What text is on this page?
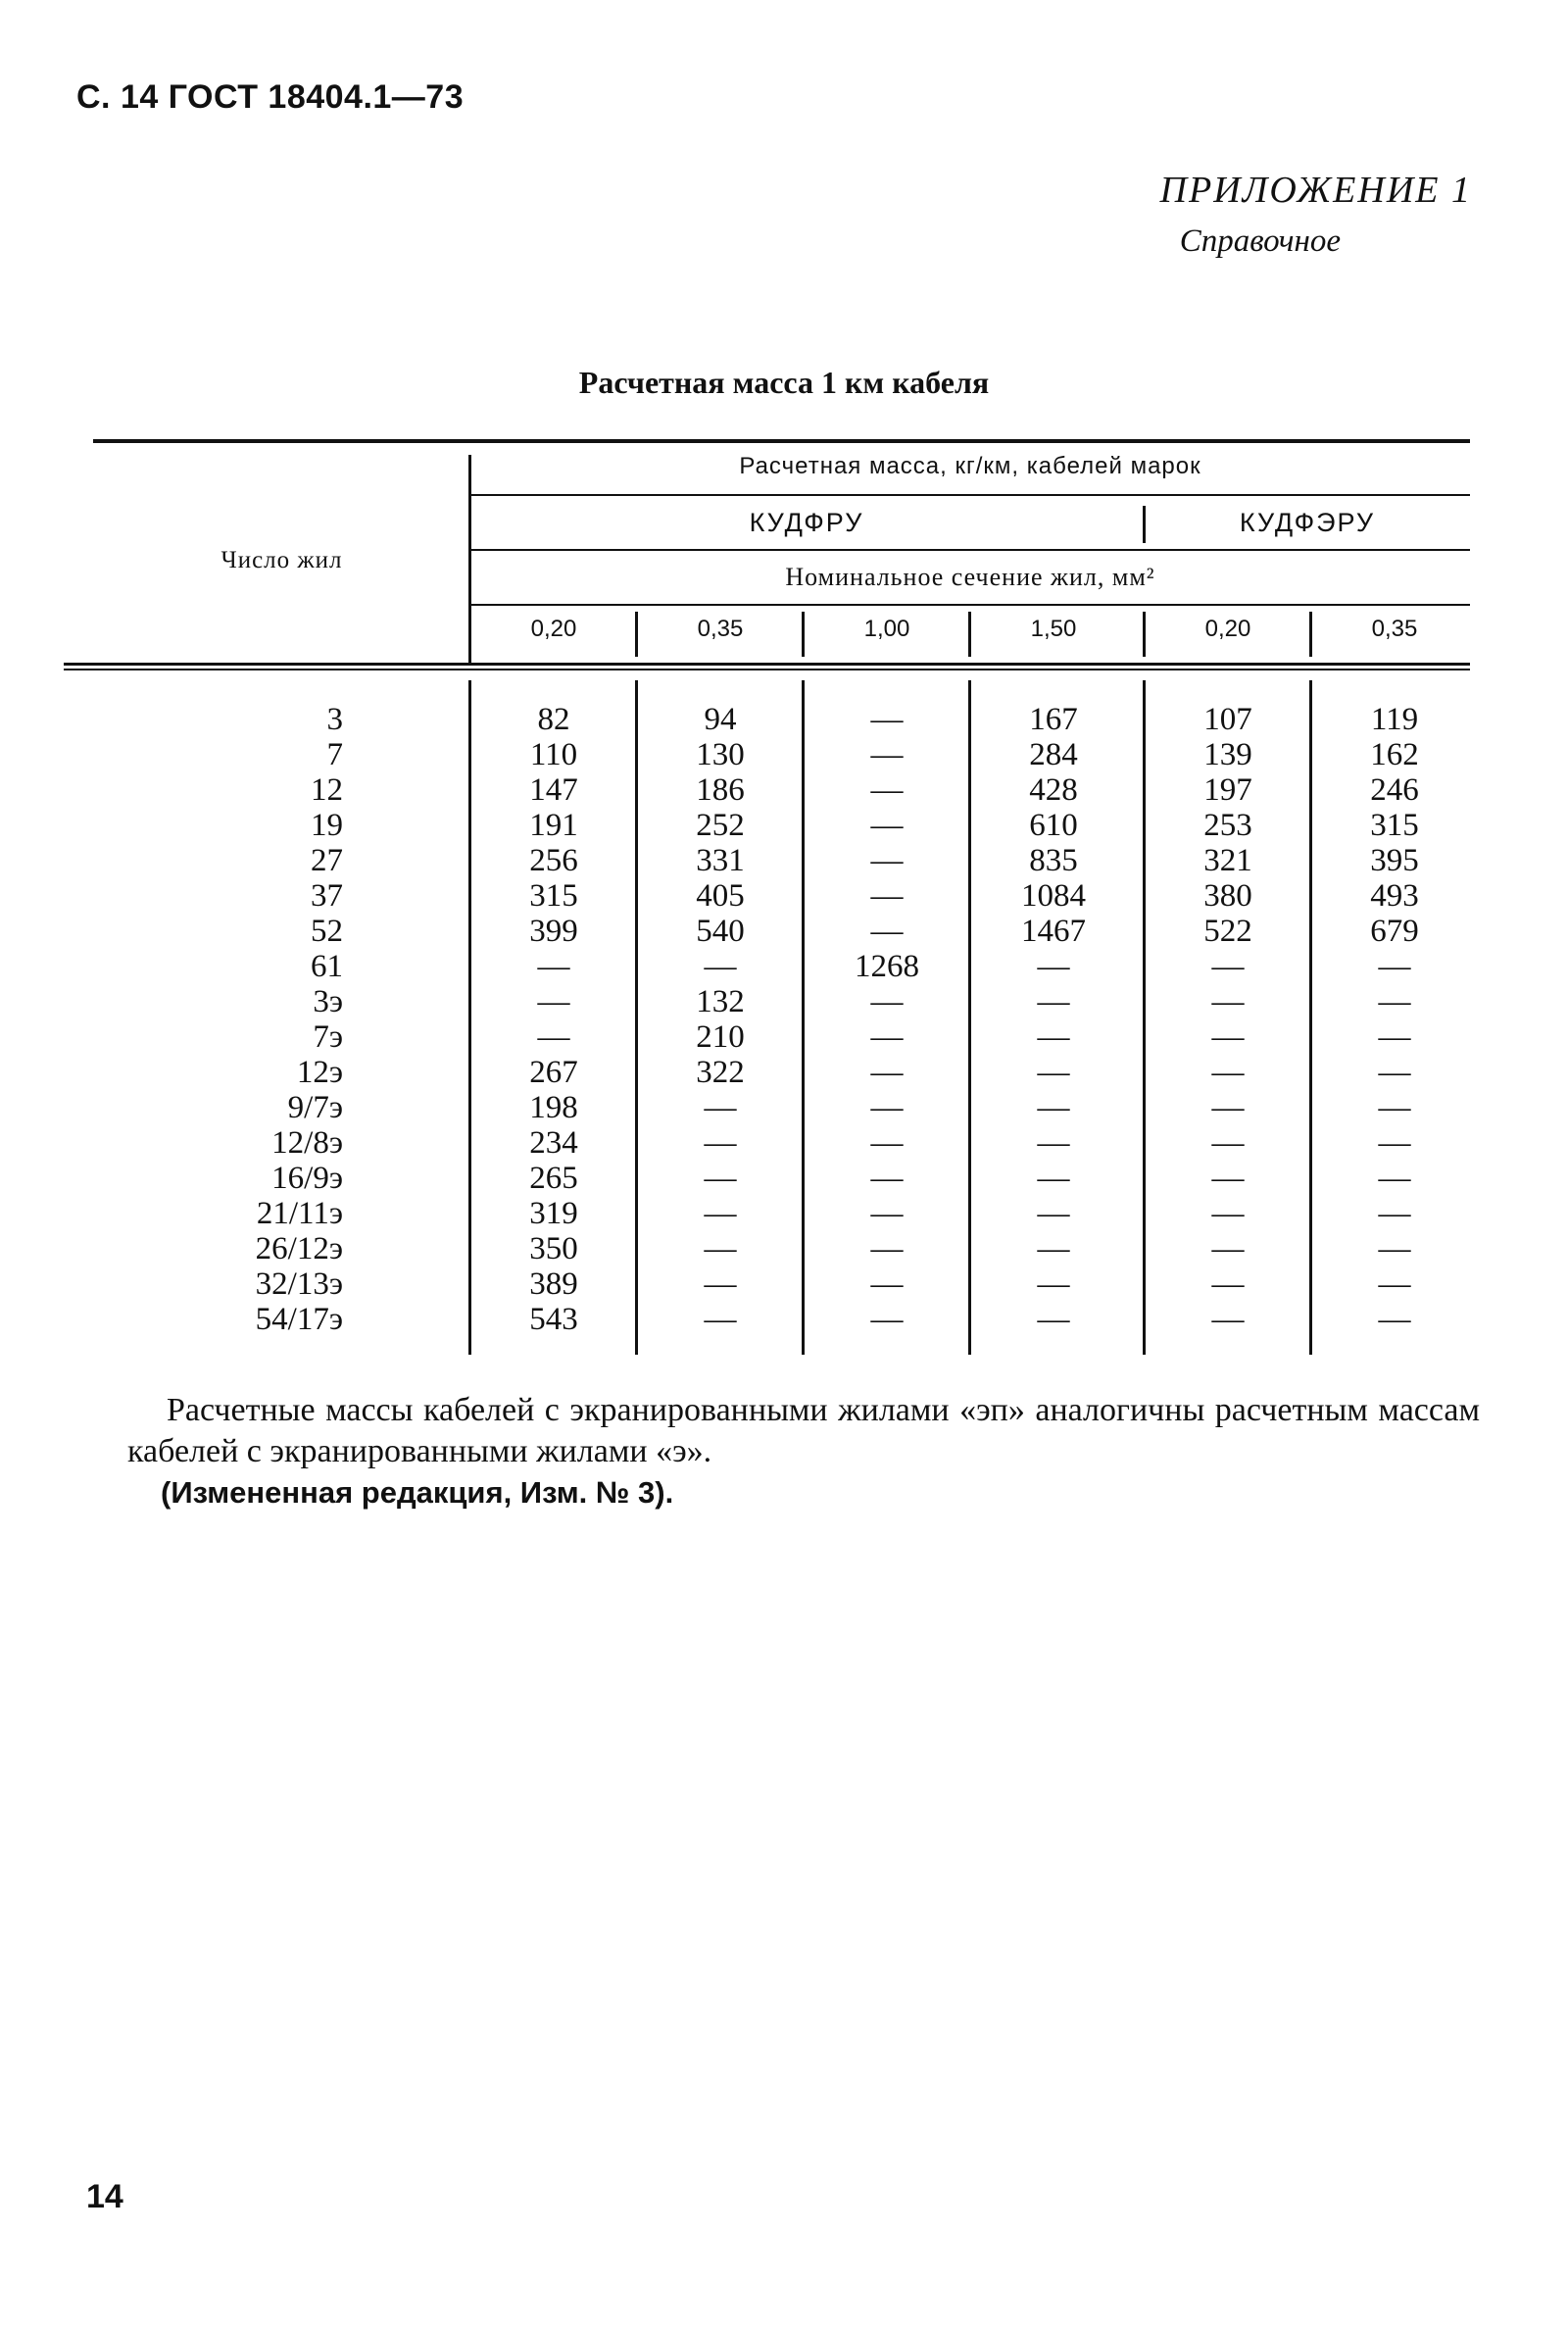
С. 14 ГОСТ 18404.1—73
ПРИЛОЖЕНИЕ 1
Справочное
Расчетная масса 1 км кабеля
Число жил
Расчетная масса, кг/км, кабелей марок
КУДФРУ	КУДФЭРУ
Номинальное сечение жил, мм²
0,20	0,35	1,00	1,50	0,20	0,35
3	82	94	—	167	107	119
7	110	130	—	284	139	162
12	147	186	—	428	197	246
19	191	252	—	610	253	315
27	256	331	—	835	321	395
37	315	405	—	1084	380	493
52	399	540	—	1467	522	679
61	—	—	1268	—	—	—
3э	—	132	—	—	—	—
7э	—	210	—	—	—	—
12э	267	322	—	—	—	—
9/7э	198	—	—	—	—	—
12/8э	234	—	—	—	—	—
16/9э	265	—	—	—	—	—
21/11э	319	—	—	—	—	—
26/12э	350	—	—	—	—	—
32/13э	389	—	—	—	—	—
54/17э	543	—	—	—	—	—
Расчетные массы кабелей с экранированными жилами «эп» аналогичны расчетным массам кабелей с экранированными жилами «э».
(Измененная редакция, Изм. № 3).
14
